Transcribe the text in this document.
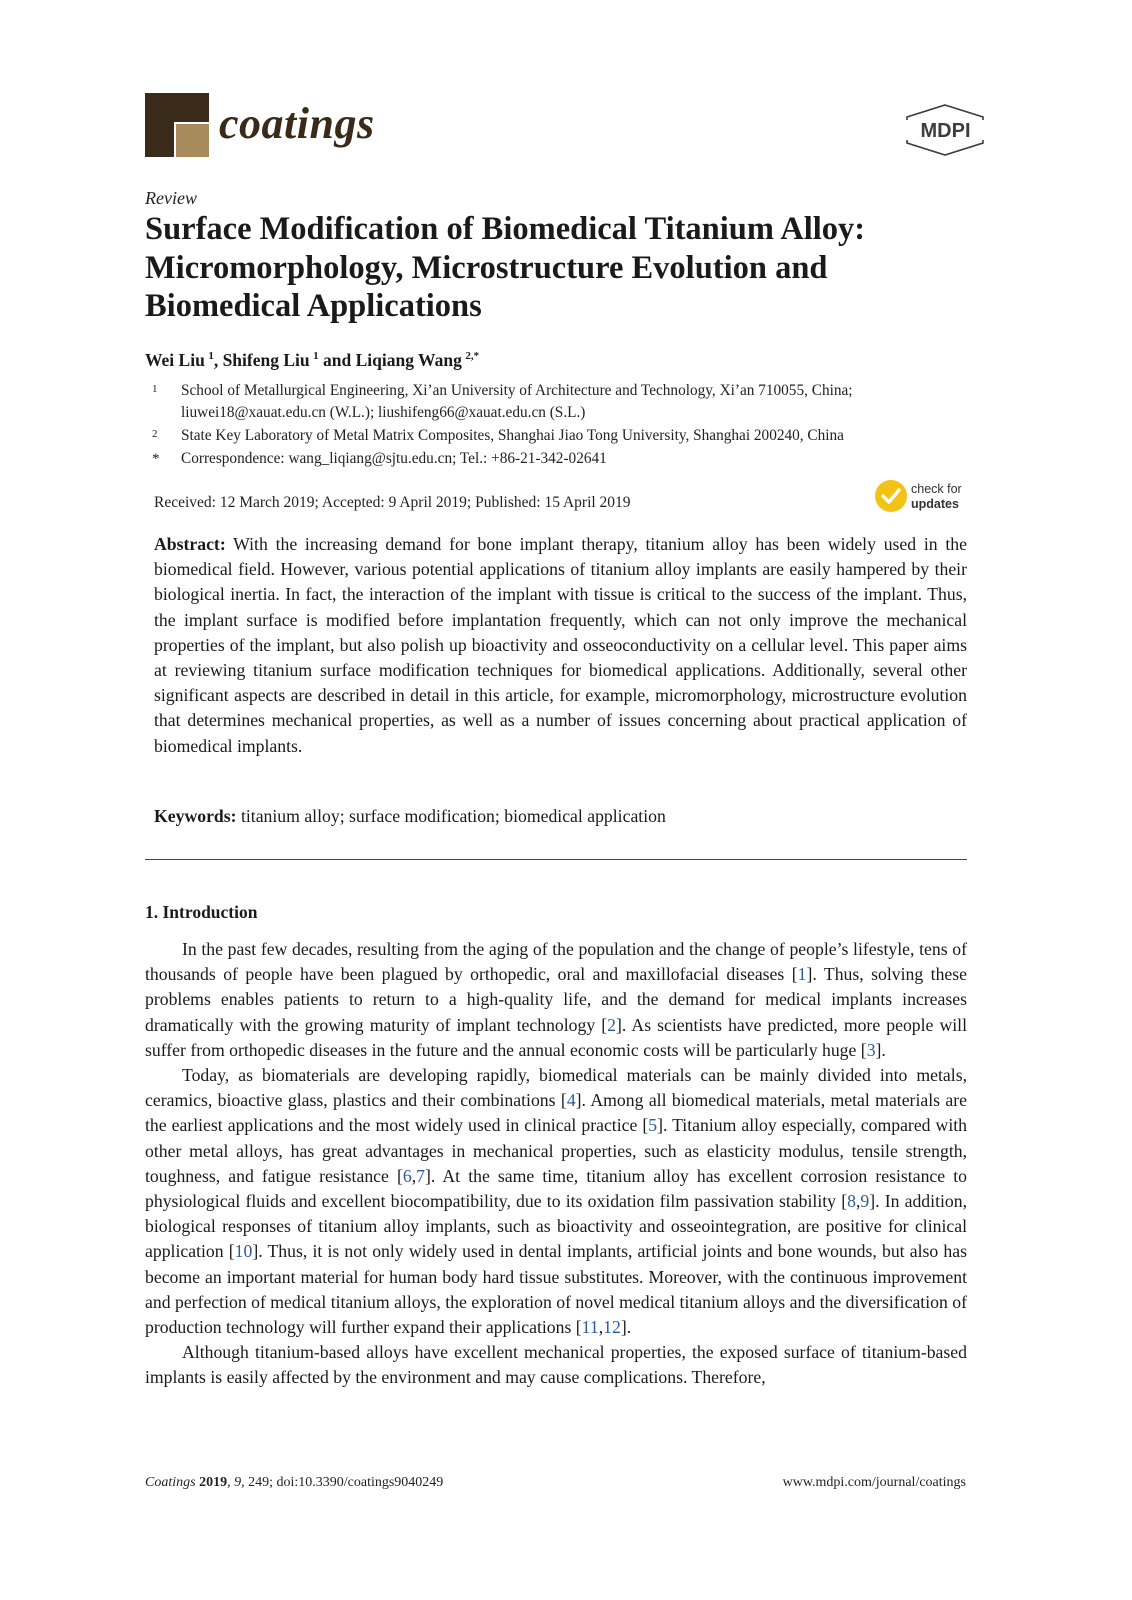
coatings	MDPI
Review
Surface Modification of Biomedical Titanium Alloy:
Micromorphology, Microstructure Evolution and
Biomedical Applications
Wei Liu  $^1$, Shifeng Liu  $^1$ and Liqiang Wang  $^{2,*}$
1 School of Metallurgical Engineering, Xi’an University of Architecture and Technology, Xi’an 710055, China;
liuwei18@xauat.edu.cn (W.L.); liushifeng66@xauat.edu.cn (S.L.)
2 State Key Laboratory of Metal Matrix Composites, Shanghai Jiao Tong University, Shanghai 200240, China
* Correspondence: wang_liqiang@sjtu.edu.cn; Tel.: +86-21-342-02641
Received: 12 March 2019; Accepted: 9 April 2019; Published: 15 April 2019
check for
updates
Abstract: With the increasing demand for bone implant therapy, titanium alloy has been widely used in the biomedical field. However, various potential applications of titanium alloy implants are easily hampered by their biological inertia. In fact, the interaction of the implant with tissue is critical to the success of the implant. Thus, the implant surface is modified before implantation frequently, which can not only improve the mechanical properties of the implant, but also polish up bioactivity and osseoconductivity on a cellular level. This paper aims at reviewing titanium surface modification techniques for biomedical applications. Additionally, several other significant aspects are described in detail in this article, for example, micromorphology, microstructure evolution that determines mechanical properties, as well as a number of issues concerning about practical application of biomedical implants.
Keywords: titanium alloy; surface modification; biomedical application
1. Introduction

In the past few decades, resulting from the aging of the population and the change of people’s lifestyle, tens of thousands of people have been plagued by orthopedic, oral and maxillofacial diseases [1]. Thus, solving these problems enables patients to return to a high-quality life, and the demand for medical implants increases dramatically with the growing maturity of implant technology [2]. As scientists have predicted, more people will suffer from orthopedic diseases in the future and the annual economic costs will be particularly huge [3].

Today, as biomaterials are developing rapidly, biomedical materials can be mainly divided into metals, ceramics, bioactive glass, plastics and their combinations [4]. Among all biomedical materials, metal materials are the earliest applications and the most widely used in clinical practice [5]. Titanium alloy especially, compared with other metal alloys, has great advantages in mechanical properties, such as elasticity modulus, tensile strength, toughness, and fatigue resistance [6,7]. At the same time, titanium alloy has excellent corrosion resistance to physiological fluids and excellent biocompatibility, due to its oxidation film passivation stability [8,9]. In addition, biological responses of titanium alloy implants, such as bioactivity and osseointegration, are positive for clinical application [10]. Thus, it is not only widely used in dental implants, artificial joints and bone wounds, but also has become an important material for human body hard tissue substitutes. Moreover, with the continuous improvement and perfection of medical titanium alloys, the exploration of novel medical titanium alloys and the diversification of production technology will further expand their applications [11,12].

Although titanium-based alloys have excellent mechanical properties, the exposed surface of titanium-based implants is easily affected by the environment and may cause complications. Therefore,

Coatings 2019, 9, 249; doi:10.3390/coatings9040249	www.mdpi.com/journal/coatings
